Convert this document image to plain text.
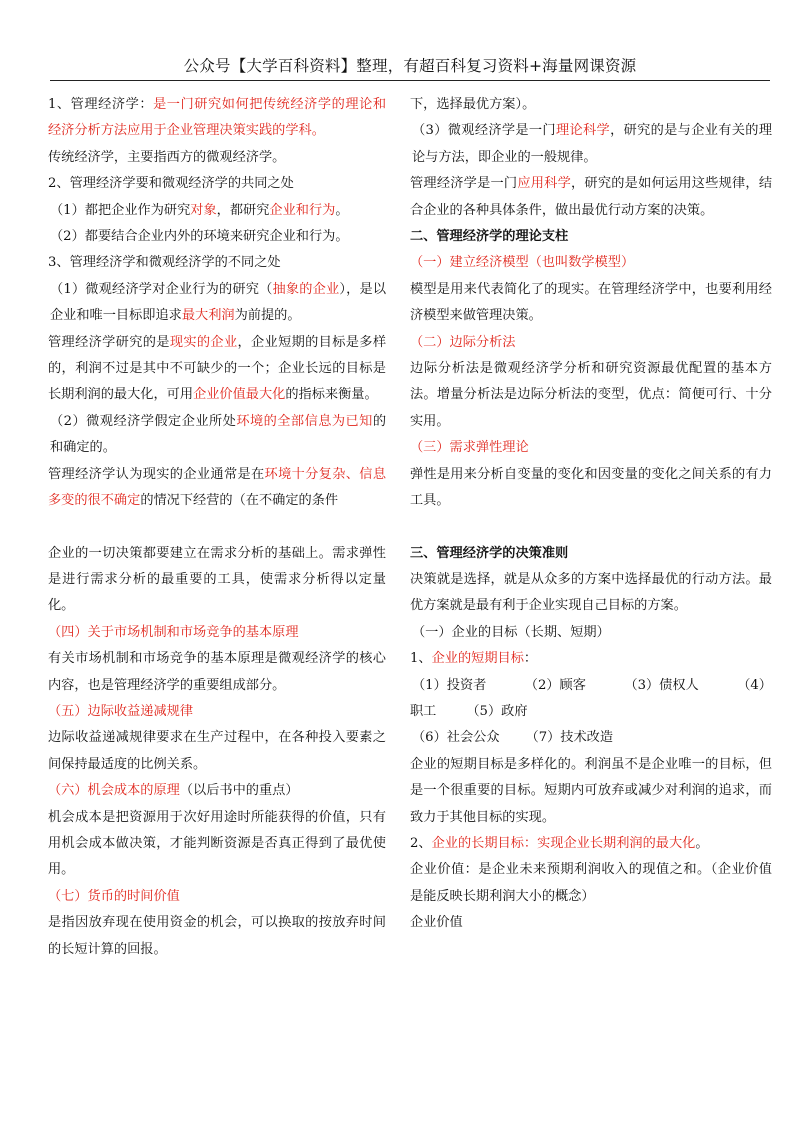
公众号【大学百科资料】整理，有超百科复习资料+海量网课资源

1、管理经济学：是一门研究如何把传统经济学的理论和经济分析方法应用于企业管理决策实践的学科。

传统经济学，主要指西方的微观经济学。

2、管理经济学要和微观经济学的共同之处

（1）都把企业作为研究对象，都研究企业和行为。

（2）都要结合企业内外的环境来研究企业和行为。

3、管理经济学和微观经济学的不同之处

（1）微观经济学对企业行为的研究（抽象的企业），是以企业和唯一目标即追求最大利润为前提的。

管理经济学研究的是现实的企业，企业短期的目标是多样的，利润不过是其中不可缺少的一个；企业长远的目标是长期利润的最大化，可用企业价值最大化的指标来衡量。

（2）微观经济学假定企业所处环境的全部信息为已知的和确定的。

管理经济学认为现实的企业通常是在环境十分复杂、信息多变的很不确定的情况下经营的（在不确定的条件

企业的一切决策都要建立在需求分析的基础上。需求弹性是进行需求分析的最重要的工具，使需求分析得以定量化。

（四）关于市场机制和市场竞争的基本原理

有关市场机制和市场竞争的基本原理是微观经济学的核心内容，也是管理经济学的重要组成部分。

（五）边际收益递减规律

边际收益递减规律要求在生产过程中，在各种投入要素之间保持最适度的比例关系。

（六）机会成本的原理（以后书中的重点）

机会成本是把资源用于次好用途时所能获得的价值，只有用机会成本做决策，才能判断资源是否真正得到了最优使用。

（七）货币的时间价值

是指因放弃现在使用资金的机会，可以换取的按放弃时间的长短计算的回报。

下，选择最优方案）。

（3）微观经济学是一门理论科学，研究的是与企业有关的理论与方法，即企业的一般规律。

管理经济学是一门应用科学，研究的是如何运用这些规律，结合企业的各种具体条件，做出最优行动方案的决策。

二、管理经济学的理论支柱

（一）建立经济模型（也叫数学模型）

模型是用来代表简化了的现实。在管理经济学中，也要利用经济模型来做管理决策。

（二）边际分析法

边际分析法是微观经济学分析和研究资源最优配置的基本方法。增量分析法是边际分析法的变型，优点：简便可行、十分实用。

（三）需求弹性理论

弹性是用来分析自变量的变化和因变量的变化之间关系的有力工具。

三、管理经济学的决策准则

决策就是选择，就是从众多的方案中选择最优的行动方法。最优方案就是最有利于企业实现自己目标的方案。

（一）企业的目标（长期、短期）

1、企业的短期目标：

（1）投资者	（2）顾客	（3）债权人	（4）

职工 （5）政府

（6）社会公众 （7）技术改造

企业的短期目标是多样化的。利润虽不是企业唯一的目标，但是一个很重要的目标。短期内可放弃或减少对利润的追求，而致力于其他目标的实现。

2、企业的长期目标：实现企业长期利润的最大化。

企业价值：是企业未来预期利润收入的现值之和。（企业价值是能反映长期利润大小的概念）

企业价值
